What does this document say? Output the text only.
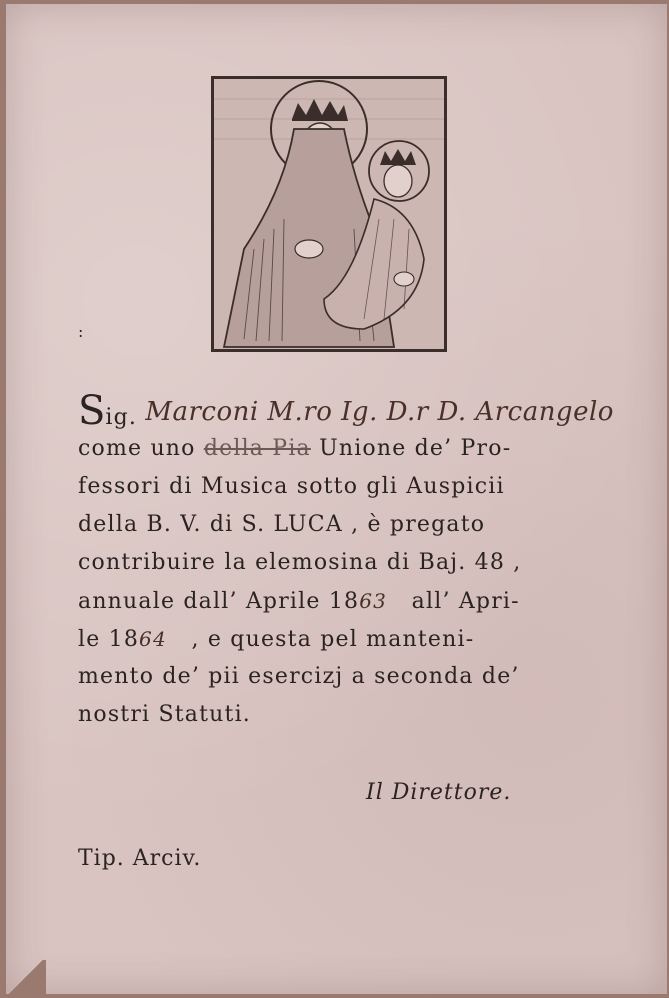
:
Sig. Marconi M.ro Ig. D.r D. Arcangelo
come uno della Pia Unione de’ Pro-
fessori di Musica sotto gli Auspicii
della B. V. di S. LUCA , è pregato
contribuire la elemosina di Baj. 48 ,
annuale dall’ Aprile 1863 all’ Apri-
le 1864 , e questa pel manteni-
mento de’ pii esercizj a seconda de’
nostri Statuti.
Il Direttore.
Tip. Arciv.
